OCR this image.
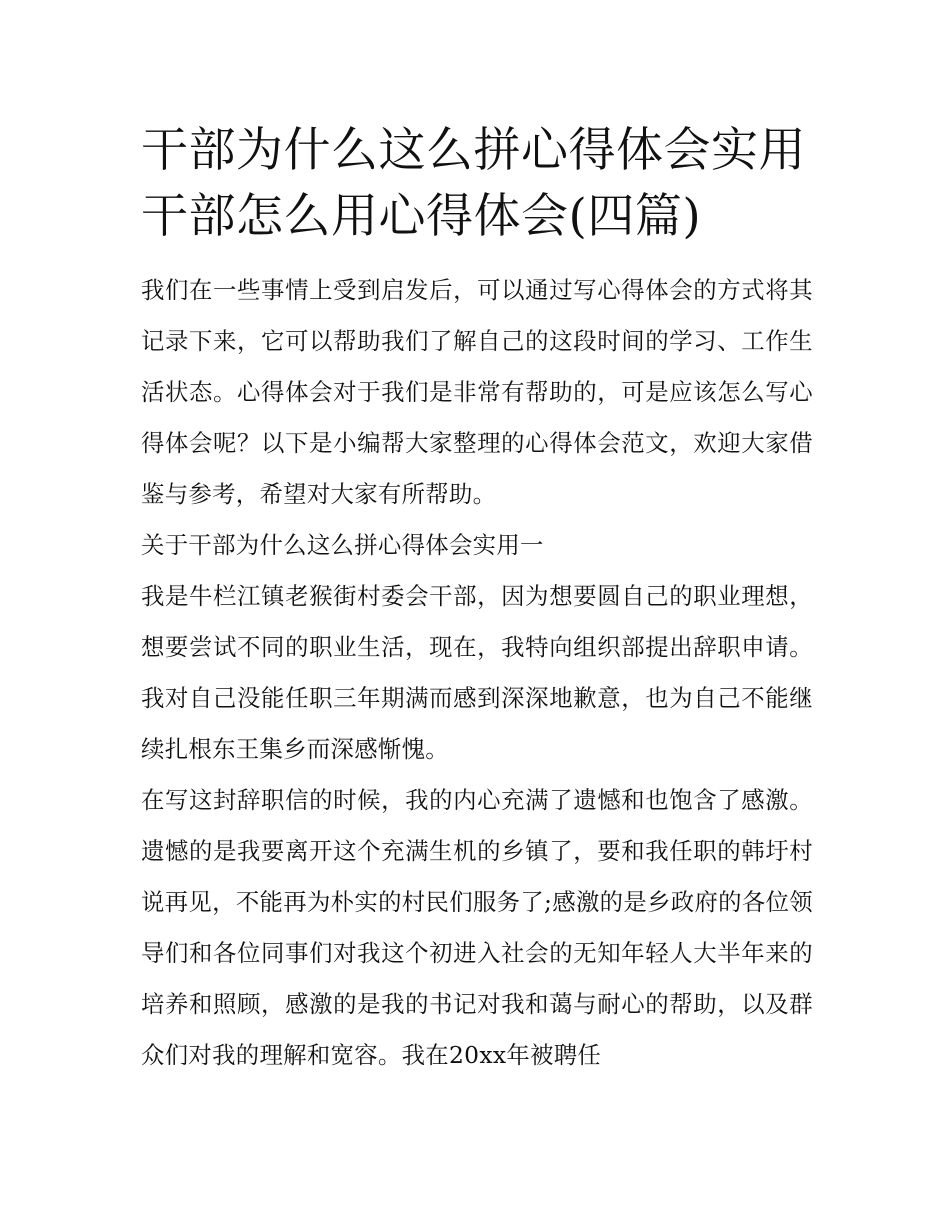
干部为什么这么拼心得体会实用 干部怎么用心得体会(四篇)

我们在一些事情上受到启发后，可以通过写心得体会的方式将其记录下来，它可以帮助我们了解自己的这段时间的学习、工作生活状态。心得体会对于我们是非常有帮助的，可是应该怎么写心得体会呢？以下是小编帮大家整理的心得体会范文，欢迎大家借鉴与参考，希望对大家有所帮助。

关于干部为什么这么拼心得体会实用一

我是牛栏江镇老猴街村委会干部，因为想要圆自己的职业理想，想要尝试不同的职业生活，现在，我特向组织部提出辞职申请。我对自己没能任职三年期满而感到深深地歉意，也为自己不能继续扎根东王集乡而深感惭愧。

在写这封辞职信的时候，我的内心充满了遗憾和也饱含了感激。遗憾的是我要离开这个充满生机的乡镇了，要和我任职的韩圩村说再见，不能再为朴实的村民们服务了;感激的是乡政府的各位领导们和各位同事们对我这个初进入社会的无知年轻人大半年来的培养和照顾，感激的是我的书记对我和蔼与耐心的帮助，以及群众们对我的理解和宽容。我在20xx年被聘任
